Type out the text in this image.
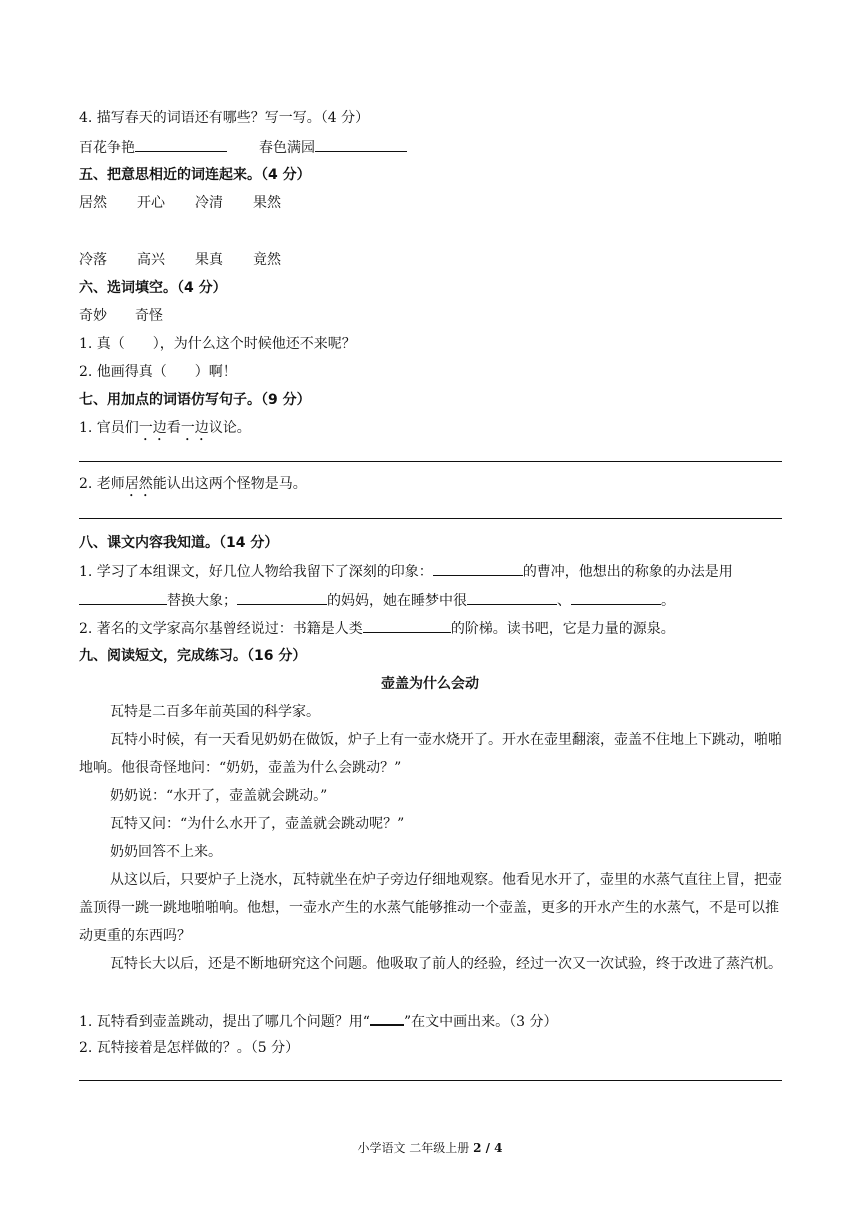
4. 描写春天的词语还有哪些？写一写。（4 分）
百花争艳	春色满园
五、把意思相近的词连起来。（4 分）
居然 开心 冷清 果然
冷落 高兴 果真 竟然
六、选词填空。（4 分）
奇妙　　奇怪
1. 真（　　），为什么这个时候他还不来呢？
2. 他画得真（　　）啊！
七、用加点的词语仿写句子。（9 分）
1. 官员们一边看一边议论。
2. 老师居然能认出这两个怪物是马。
八、课文内容我知道。（14 分）
1. 学习了本组课文，好几位人物给我留下了深刻的印象：	的曹冲，他想出的称象的办法是用
替换大象；	的妈妈，她在睡梦中很	、	。
2. 著名的文学家高尔基曾经说过：书籍是人类	的阶梯。读书吧，它是力量的源泉。
九、阅读短文，完成练习。（16 分）
壶盖为什么会动
瓦特是二百多年前英国的科学家。
瓦特小时候，有一天看见奶奶在做饭，炉子上有一壶水烧开了。开水在壶里翻滚，壶盖不住地上下跳动，啪啪地响。他很奇怪地问：“奶奶，壶盖为什么会跳动？”
奶奶说：“水开了，壶盖就会跳动。”
瓦特又问：“为什么水开了，壶盖就会跳动呢？”
奶奶回答不上来。
从这以后，只要炉子上浇水，瓦特就坐在炉子旁边仔细地观察。他看见水开了，壶里的水蒸气直往上冒，把壶盖顶得一跳一跳地啪啪响。他想，一壶水产生的水蒸气能够推动一个壶盖，更多的开水产生的水蒸气，不是可以推动更重的东西吗？
瓦特长大以后，还是不断地研究这个问题。他吸取了前人的经验，经过一次又一次试验，终于改进了蒸汽机。
1. 瓦特看到壶盖跳动，提出了哪几个问题？用“ ”在文中画出来。（3 分）
2. 瓦特接着是怎样做的？。（5 分）
小学语文 二年级上册 2 / 4
